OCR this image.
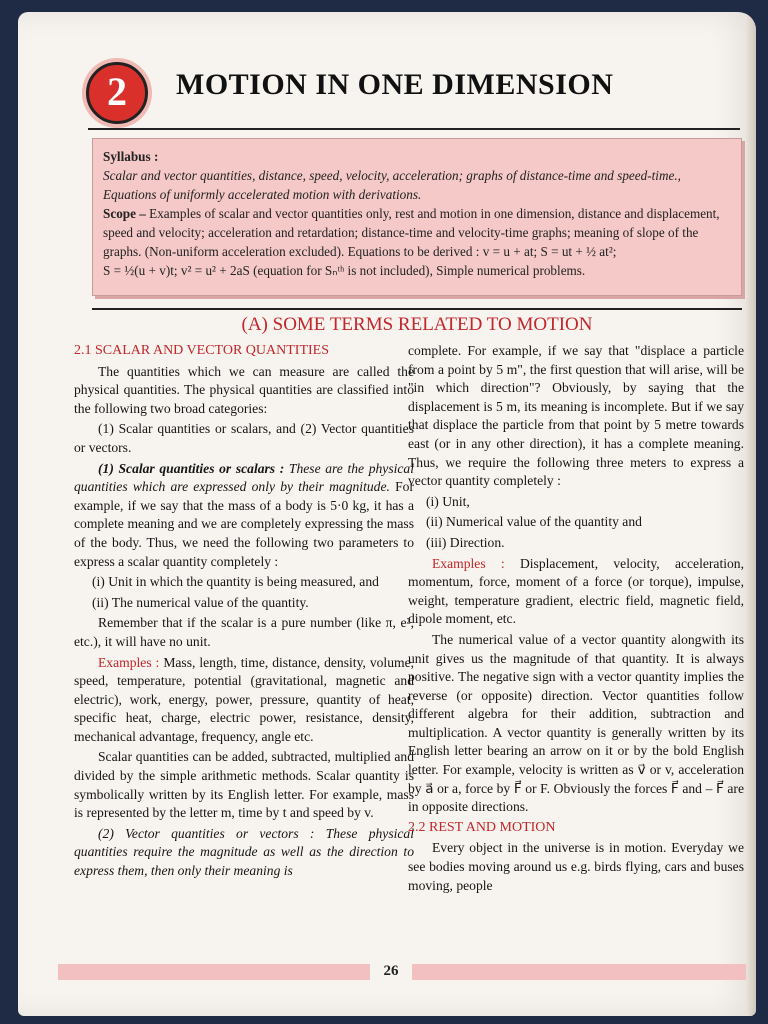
2	MOTION IN ONE DIMENSION

Syllabus :

Scalar and vector quantities, distance, speed, velocity, acceleration; graphs of distance-time and speed-time., Equations of uniformly accelerated motion with derivations.

Scope – Examples of scalar and vector quantities only, rest and motion in one dimension, distance and displacement, speed and velocity; acceleration and retardation; distance-time and velocity-time graphs; meaning of slope of the graphs. (Non-uniform acceleration excluded). Equations to be derived : v = u + at; S = ut + ½ at²;

S = ½(u + v)t; v² = u² + 2aS (equation for Sₙᵗʰ is not included), Simple numerical problems.

(A) SOME TERMS RELATED TO MOTION

2.1 SCALAR AND VECTOR QUANTITIES

The quantities which we can measure are called the physical quantities. The physical quantities are classified into the following two broad categories:

(1) Scalar quantities or scalars, and (2) Vector quantities or vectors.

(1) Scalar quantities or scalars : These are the physical quantities which are expressed only by their magnitude. For example, if we say that the mass of a body is 5·0 kg, it has a complete meaning and we are completely expressing the mass of the body. Thus, we need the following two parameters to express a scalar quantity completely :

(i) Unit in which the quantity is being measured, and

(ii) The numerical value of the quantity.

Remember that if the scalar is a pure number (like π, e², etc.), it will have no unit.

Examples : Mass, length, time, distance, density, volume, speed, temperature, potential (gravitational, magnetic and electric), work, energy, power, pressure, quantity of heat, specific heat, charge, electric power, resistance, density, mechanical advantage, frequency, angle etc.

Scalar quantities can be added, subtracted, multiplied and divided by the simple arithmetic methods. Scalar quantity is symbolically written by its English letter. For example, mass is represented by the letter m, time by t and speed by v.

(2) Vector quantities or vectors : These physical quantities require the magnitude as well as the direction to express them, then only their meaning is

complete. For example, if we say that "displace a particle from a point by 5 m", the first question that will arise, will be "in which direction"? Obviously, by saying that the displacement is 5 m, its meaning is incomplete. But if we say that displace the particle from that point by 5 metre towards east (or in any other direction), it has a complete meaning. Thus, we require the following three meters to express a vector quantity completely :

(i) Unit,

(ii) Numerical value of the quantity and

(iii) Direction.

Examples : Displacement, velocity, acceleration, momentum, force, moment of a force (or torque), impulse, weight, temperature gradient, electric field, magnetic field, dipole moment, etc.

The numerical value of a vector quantity alongwith its unit gives us the magnitude of that quantity. It is always positive. The negative sign with a vector quantity implies the reverse (or opposite) direction. Vector quantities follow different algebra for their addition, subtraction and multiplication. A vector quantity is generally written by its English letter bearing an arrow on it or by the bold English letter. For example, velocity is written as v⃗ or v, acceleration by a⃗ or a, force by F⃗ or F. Obviously the forces F⃗ and – F⃗ are in opposite directions.

2.2 REST AND MOTION

Every object in the universe is in motion. Everyday we see bodies moving around us e.g. birds flying, cars and buses moving, people

26
